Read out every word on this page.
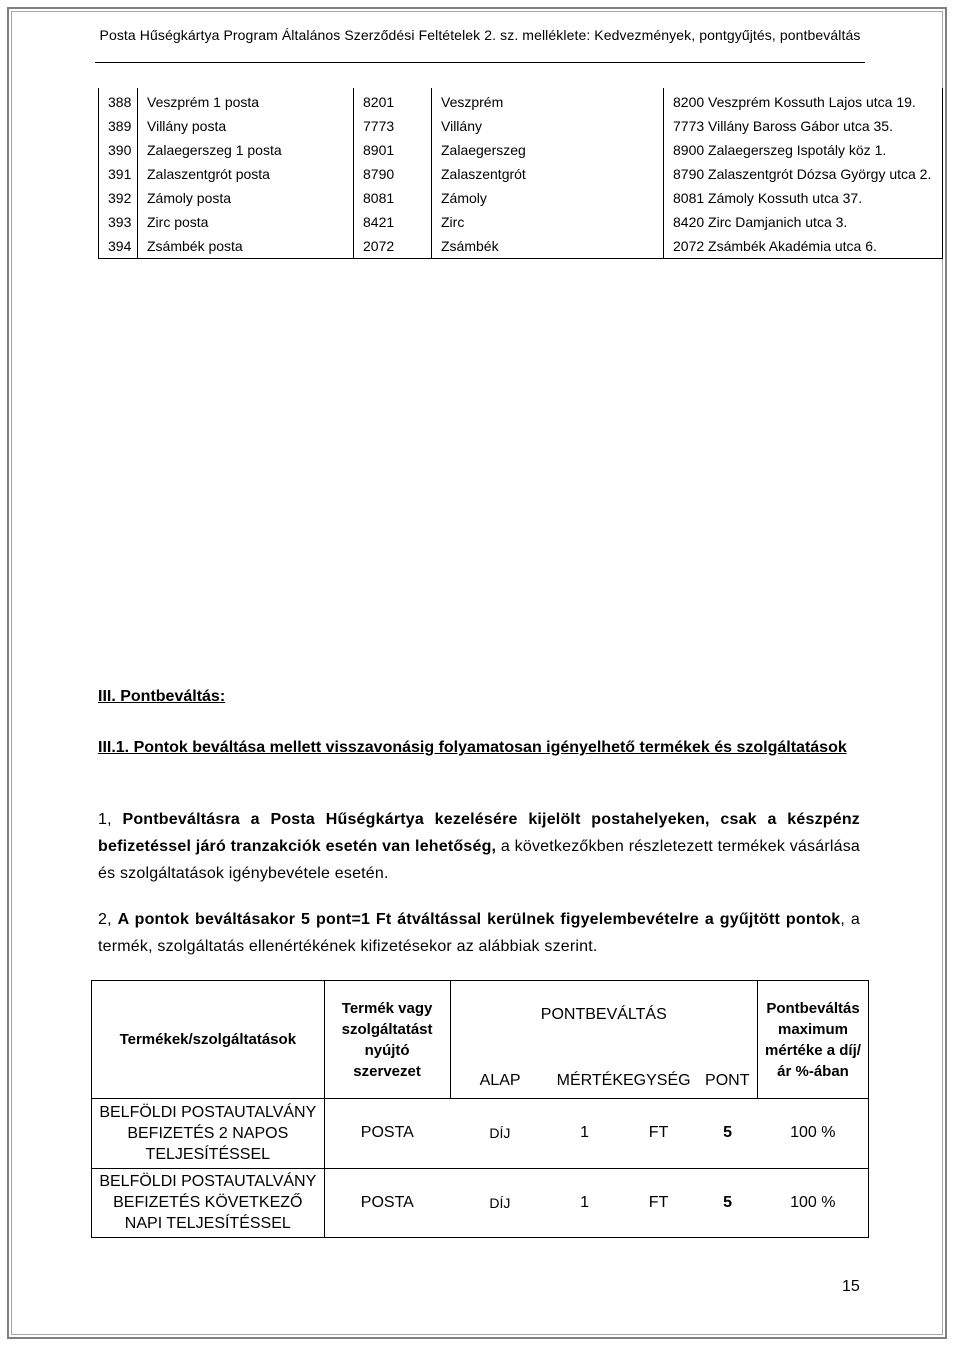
Posta Hűségkártya Program Általános Szerződési Feltételek 2. sz. melléklete: Kedvezmények, pontgyűjtés, pontbeváltás
388	Veszprém 1 posta	8201	Veszprém	8200 Veszprém Kossuth Lajos utca 19.
389	Villány posta	7773	Villány	7773 Villány Baross Gábor utca 35.
390	Zalaegerszeg 1 posta	8901	Zalaegerszeg	8900 Zalaegerszeg Ispotály köz 1.
391	Zalaszentgrót posta	8790	Zalaszentgrót	8790 Zalaszentgrót Dózsa György utca 2.
392	Zámoly posta	8081	Zámoly	8081 Zámoly Kossuth utca 37.
393	Zirc posta	8421	Zirc	8420 Zirc Damjanich utca 3.
394	Zsámbék posta	2072	Zsámbék	2072 Zsámbék Akadémia utca 6.
III. Pontbeváltás:
III.1. Pontok beváltása mellett visszavonásig folyamatosan igényelhető termékek és szolgáltatások
1, Pontbeváltásra a Posta Hűségkártya kezelésére kijelölt postahelyeken, csak a készpénz befizetéssel járó tranzakciók esetén van lehetőség, a következőkben részletezett termékek vásárlása és szolgáltatások igénybevétele esetén.
2, A pontok beváltásakor 5 pont=1 Ft átváltással kerülnek figyelembevételre a gyűjtött pontok, a termék, szolgáltatás ellenértékének kifizetésekor az alábbiak szerint.
Termékek/szolgáltatások	Termék vagy szolgáltatást nyújtó szervezet	PONTBEVÁLTÁS				Pontbeváltás maximum mértéke a díj/ár %-ában
		ALAP	MÉRTÉKEGYSÉG		PONT	
BELFÖLDI POSTAUTALVÁNY BEFIZETÉS 2 NAPOS TELJESÍTÉSSEL	POSTA	DÍJ	1	FT	5	100 %
BELFÖLDI POSTAUTALVÁNY BEFIZETÉS KÖVETKEZŐ NAPI TELJESÍTÉSSEL	POSTA	DÍJ	1	FT	5	100 %
15
